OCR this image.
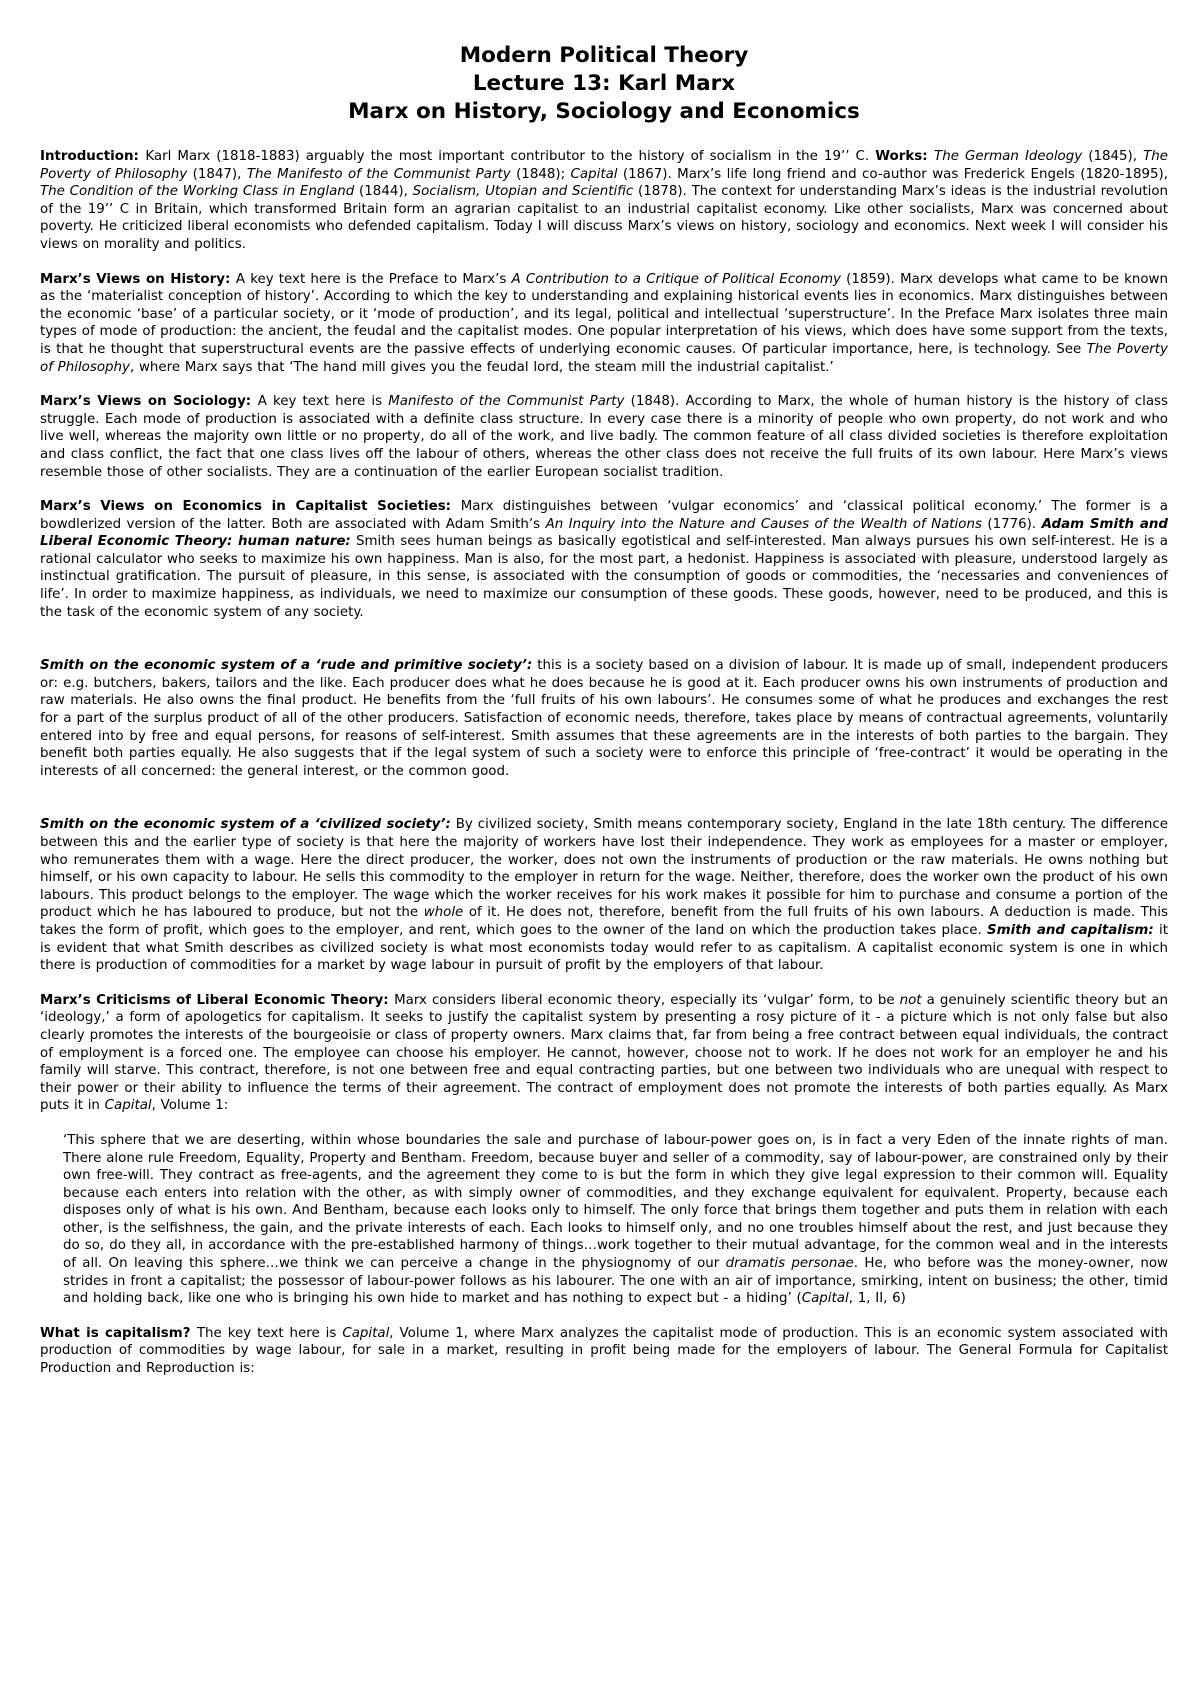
Modern Political Theory
Lecture 13: Karl Marx
Marx on History, Sociology and Economics

Introduction: Karl Marx (1818-1883) arguably the most important contributor to the history of socialism in the 19’’ C. Works: The German Ideology (1845), The Poverty of Philosophy (1847), The Manifesto of the Communist Party (1848); Capital (1867). Marx’s life long friend and co-author was Frederick Engels (1820-1895), The Condition of the Working Class in England (1844), Socialism, Utopian and Scientific (1878). The context for understanding Marx’s ideas is the industrial revolution of the 19’’ C in Britain, which transformed Britain form an agrarian capitalist to an industrial capitalist economy. Like other socialists, Marx was concerned about poverty. He criticized liberal economists who defended capitalism. Today I will discuss Marx’s views on history, sociology and economics. Next week I will consider his views on morality and politics.

Marx’s Views on History: A key text here is the Preface to Marx’s A Contribution to a Critique of Political Economy (1859). Marx develops what came to be known as the ‘materialist conception of history’. According to which the key to understanding and explaining historical events lies in economics. Marx distinguishes between the economic ‘base’ of a particular society, or it ‘mode of production’, and its legal, political and intellectual ‘superstructure’. In the Preface Marx isolates three main types of mode of production: the ancient, the feudal and the capitalist modes. One popular interpretation of his views, which does have some support from the texts, is that he thought that superstructural events are the passive effects of underlying economic causes. Of particular importance, here, is technology. See The Poverty of Philosophy, where Marx says that ‘The hand mill gives you the feudal lord, the steam mill the industrial capitalist.’

Marx’s Views on Sociology: A key text here is Manifesto of the Communist Party (1848). According to Marx, the whole of human history is the history of class struggle. Each mode of production is associated with a definite class structure. In every case there is a minority of people who own property, do not work and who live well, whereas the majority own little or no property, do all of the work, and live badly. The common feature of all class divided societies is therefore exploitation and class conflict, the fact that one class lives off the labour of others, whereas the other class does not receive the full fruits of its own labour. Here Marx’s views resemble those of other socialists. They are a continuation of the earlier European socialist tradition.

Marx’s Views on Economics in Capitalist Societies: Marx distinguishes between ‘vulgar economics’ and ‘classical political economy.’ The former is a bowdlerized version of the latter. Both are associated with Adam Smith’s An Inquiry into the Nature and Causes of the Wealth of Nations (1776). Adam Smith and Liberal Economic Theory: human nature: Smith sees human beings as basically egotistical and self-interested. Man always pursues his own self-interest. He is a rational calculator who seeks to maximize his own happiness. Man is also, for the most part, a hedonist. Happiness is associated with pleasure, understood largely as instinctual gratification. The pursuit of pleasure, in this sense, is associated with the consumption of goods or commodities, the ‘necessaries and conveniences of life’. In order to maximize happiness, as individuals, we need to maximize our consumption of these goods. These goods, however, need to be produced, and this is the task of the economic system of any society.

Smith on the economic system of a ‘rude and primitive society’: this is a society based on a division of labour. It is made up of small, independent producers or: e.g. butchers, bakers, tailors and the like. Each producer does what he does because he is good at it. Each producer owns his own instruments of production and raw materials. He also owns the final product. He benefits from the ‘full fruits of his own labours’. He consumes some of what he produces and exchanges the rest for a part of the surplus product of all of the other producers. Satisfaction of economic needs, therefore, takes place by means of contractual agreements, voluntarily entered into by free and equal persons, for reasons of self-interest. Smith assumes that these agreements are in the interests of both parties to the bargain. They benefit both parties equally. He also suggests that if the legal system of such a society were to enforce this principle of ‘free-contract’ it would be operating in the interests of all concerned: the general interest, or the common good.

Smith on the economic system of a ‘civilized society’: By civilized society, Smith means contemporary society, England in the late 18th century. The difference between this and the earlier type of society is that here the majority of workers have lost their independence. They work as employees for a master or employer, who remunerates them with a wage. Here the direct producer, the worker, does not own the instruments of production or the raw materials. He owns nothing but himself, or his own capacity to labour. He sells this commodity to the employer in return for the wage. Neither, therefore, does the worker own the product of his own labours. This product belongs to the employer. The wage which the worker receives for his work makes it possible for him to purchase and consume a portion of the product which he has laboured to produce, but not the whole of it. He does not, therefore, benefit from the full fruits of his own labours. A deduction is made. This takes the form of profit, which goes to the employer, and rent, which goes to the owner of the land on which the production takes place. Smith and capitalism: it is evident that what Smith describes as civilized society is what most economists today would refer to as capitalism. A capitalist economic system is one in which there is production of commodities for a market by wage labour in pursuit of profit by the employers of that labour.

Marx’s Criticisms of Liberal Economic Theory: Marx considers liberal economic theory, especially its ‘vulgar’ form, to be not a genuinely scientific theory but an ‘ideology,’ a form of apologetics for capitalism. It seeks to justify the capitalist system by presenting a rosy picture of it - a picture which is not only false but also clearly promotes the interests of the bourgeoisie or class of property owners. Marx claims that, far from being a free contract between equal individuals, the contract of employment is a forced one. The employee can choose his employer. He cannot, however, choose not to work. If he does not work for an employer he and his family will starve. This contract, therefore, is not one between free and equal contracting parties, but one between two individuals who are unequal with respect to their power or their ability to influence the terms of their agreement. The contract of employment does not promote the interests of both parties equally. As Marx puts it in Capital, Volume 1:

‘This sphere that we are deserting, within whose boundaries the sale and purchase of labour-power goes on, is in fact a very Eden of the innate rights of man. There alone rule Freedom, Equality, Property and Bentham. Freedom, because buyer and seller of a commodity, say of labour-power, are constrained only by their own free-will. They contract as free-agents, and the agreement they come to is but the form in which they give legal expression to their common will. Equality because each enters into relation with the other, as with simply owner of commodities, and they exchange equivalent for equivalent. Property, because each disposes only of what is his own. And Bentham, because each looks only to himself. The only force that brings them together and puts them in relation with each other, is the selfishness, the gain, and the private interests of each. Each looks to himself only, and no one troubles himself about the rest, and just because they do so, do they all, in accordance with the pre-established harmony of things…work together to their mutual advantage, for the common weal and in the interests of all. On leaving this sphere…we think we can perceive a change in the physiognomy of our dramatis personae. He, who before was the money-owner, now strides in front a capitalist; the possessor of labour-power follows as his labourer. The one with an air of importance, smirking, intent on business; the other, timid and holding back, like one who is bringing his own hide to market and has nothing to expect but - a hiding’ (Capital, 1, II, 6)

What is capitalism? The key text here is Capital, Volume 1, where Marx analyzes the capitalist mode of production. This is an economic system associated with production of commodities by wage labour, for sale in a market, resulting in profit being made for the employers of labour. The General Formula for Capitalist Production and Reproduction is:
